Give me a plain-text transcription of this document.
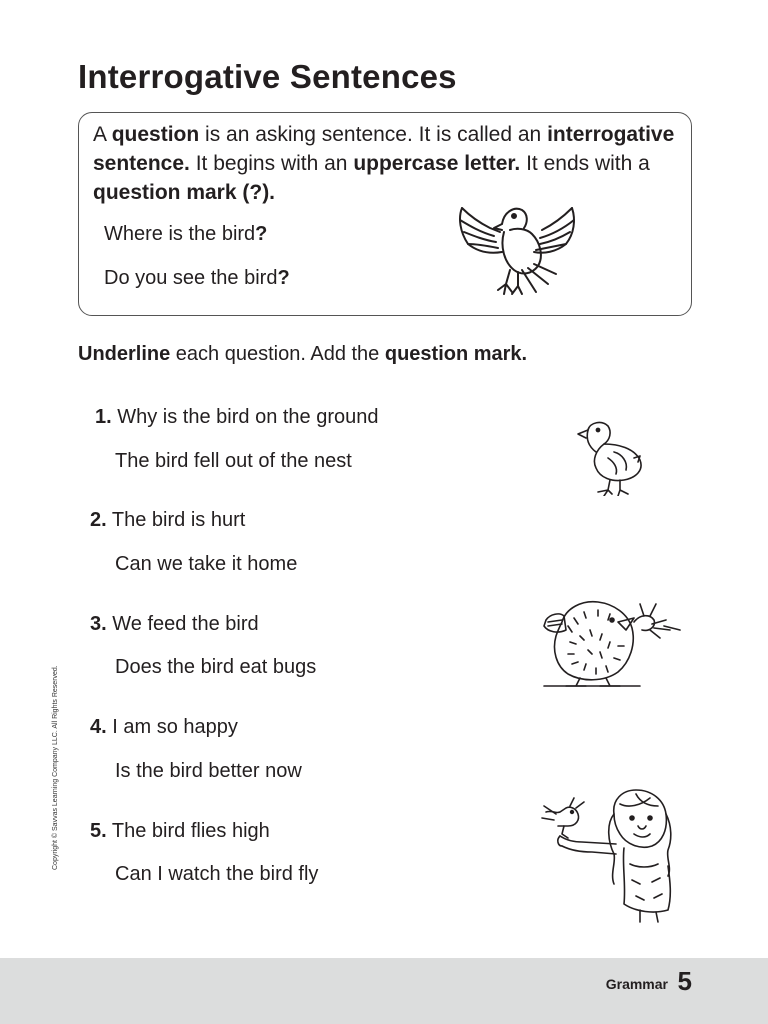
Interrogative Sentences
A question is an asking sentence. It is called an interrogative sentence. It begins with an uppercase letter. It ends with a question mark (?).
Where is the bird?
Do you see the bird?
Underline each question. Add the question mark.
1. Why is the bird on the ground
The bird fell out of the nest
2. The bird is hurt
Can we take it home
3. We feed the bird
Does the bird eat bugs
4. I am so happy
Is the bird better now
5. The bird flies high
Can I watch the bird fly
Copyright © Savvas Learning Company LLC. All Rights Reserved.
Grammar 5
